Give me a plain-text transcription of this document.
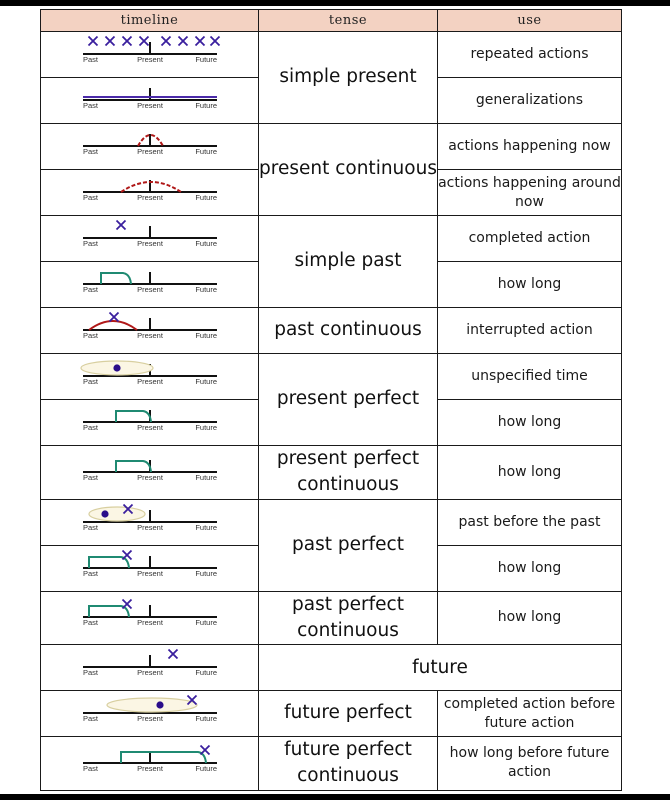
timeline	tense	use

Past Present Future	simple present	repeated actions

Past Present Future		generalizations

Past Present Future	present continuous	actions happening now

Past Present Future		actions happening around now

Past Present Future	simple past	completed action

Past Present Future		how long

Past Present Future	past continuous	interrupted action

Past Present Future	present perfect	unspecified time

Past Present Future		how long

Past Present Future	present perfect continuous	how long

Past Present Future	past perfect	past before the past

Past Present Future		how long

Past Present Future	past perfect continuous	how long

Past Present Future	future	

Past Present Future	future perfect	completed action before future action

Past Present Future	future perfect continuous	how long before future action
